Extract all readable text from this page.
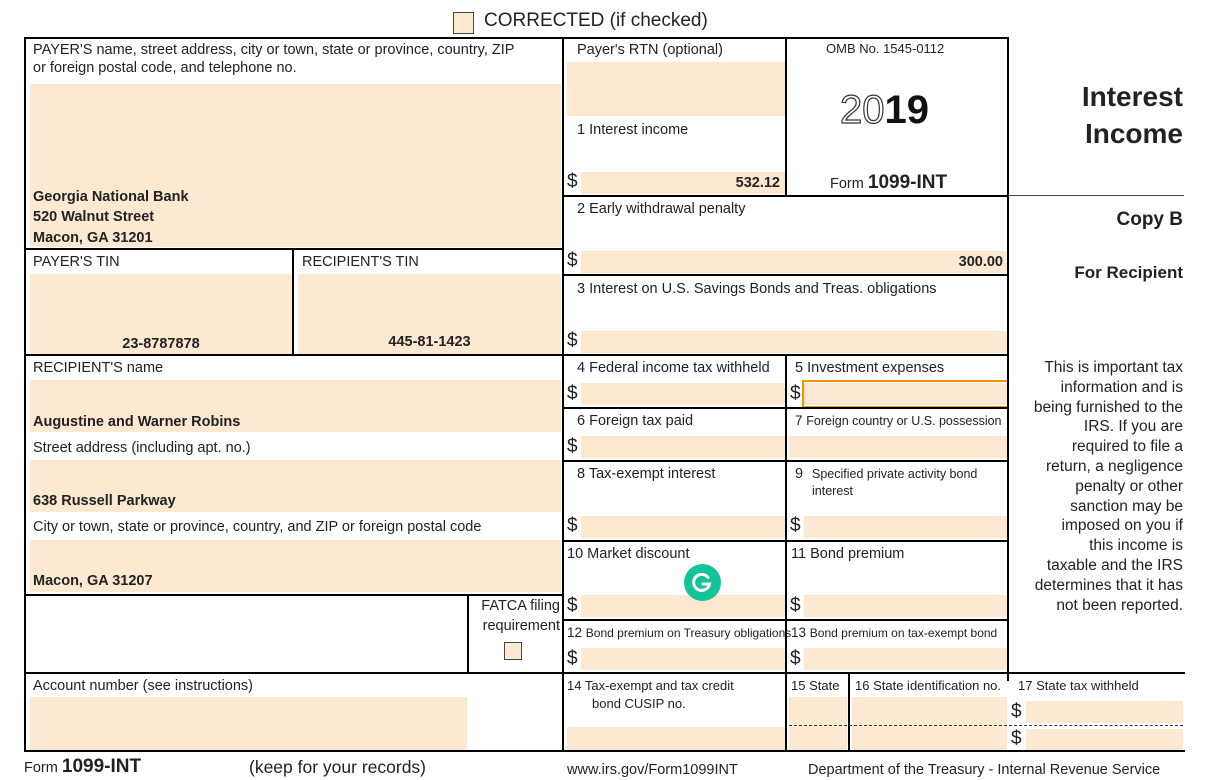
CORRECTED (if checked)
PAYER'S name, street address, city or town, state or province, country, ZIP
or foreign postal code, and telephone no.
Georgia National Bank
520 Walnut Street
Macon, GA 31201
Payer's RTN (optional)	OMB No. 1545-0112
2019
Form 1099-INT
Interest
Income
Copy B
For Recipient
1 Interest income
$	532.12
2 Early withdrawal penalty
$	300.00
3 Interest on U.S. Savings Bonds and Treas. obligations
$
PAYER'S TIN
23-8787878
RECIPIENT'S TIN
445-81-1423
RECIPIENT'S name
Augustine and Warner Robins
Street address (including apt. no.)
638 Russell Parkway
City or town, state or province, country, and ZIP or foreign postal code
Macon, GA 31207
FATCA filing
requirement
4 Federal income tax withheld
$
5 Investment expenses
$
6 Foreign tax paid
$
7 Foreign country or U.S. possession
8 Tax-exempt interest
$
9 Specified private activity bond
interest
$
10 Market discount
$
11 Bond premium
$
12 Bond premium on Treasury obligations
$
13 Bond premium on tax-exempt bond
$
Account number (see instructions)	14 Tax-exempt and tax credit
bond CUSIP no.
15 State 16 State identification no. 17 State tax withheld
$
$
This is important tax
information and is
being furnished to the
IRS. If you are
required to file a
return, a negligence
penalty or other
sanction may be
imposed on you if
this income is
taxable and the IRS
determines that it has
not been reported.
Form 1099-INT	(keep for your records)	www.irs.gov/Form1099INT	Department of the Treasury - Internal Revenue Service
